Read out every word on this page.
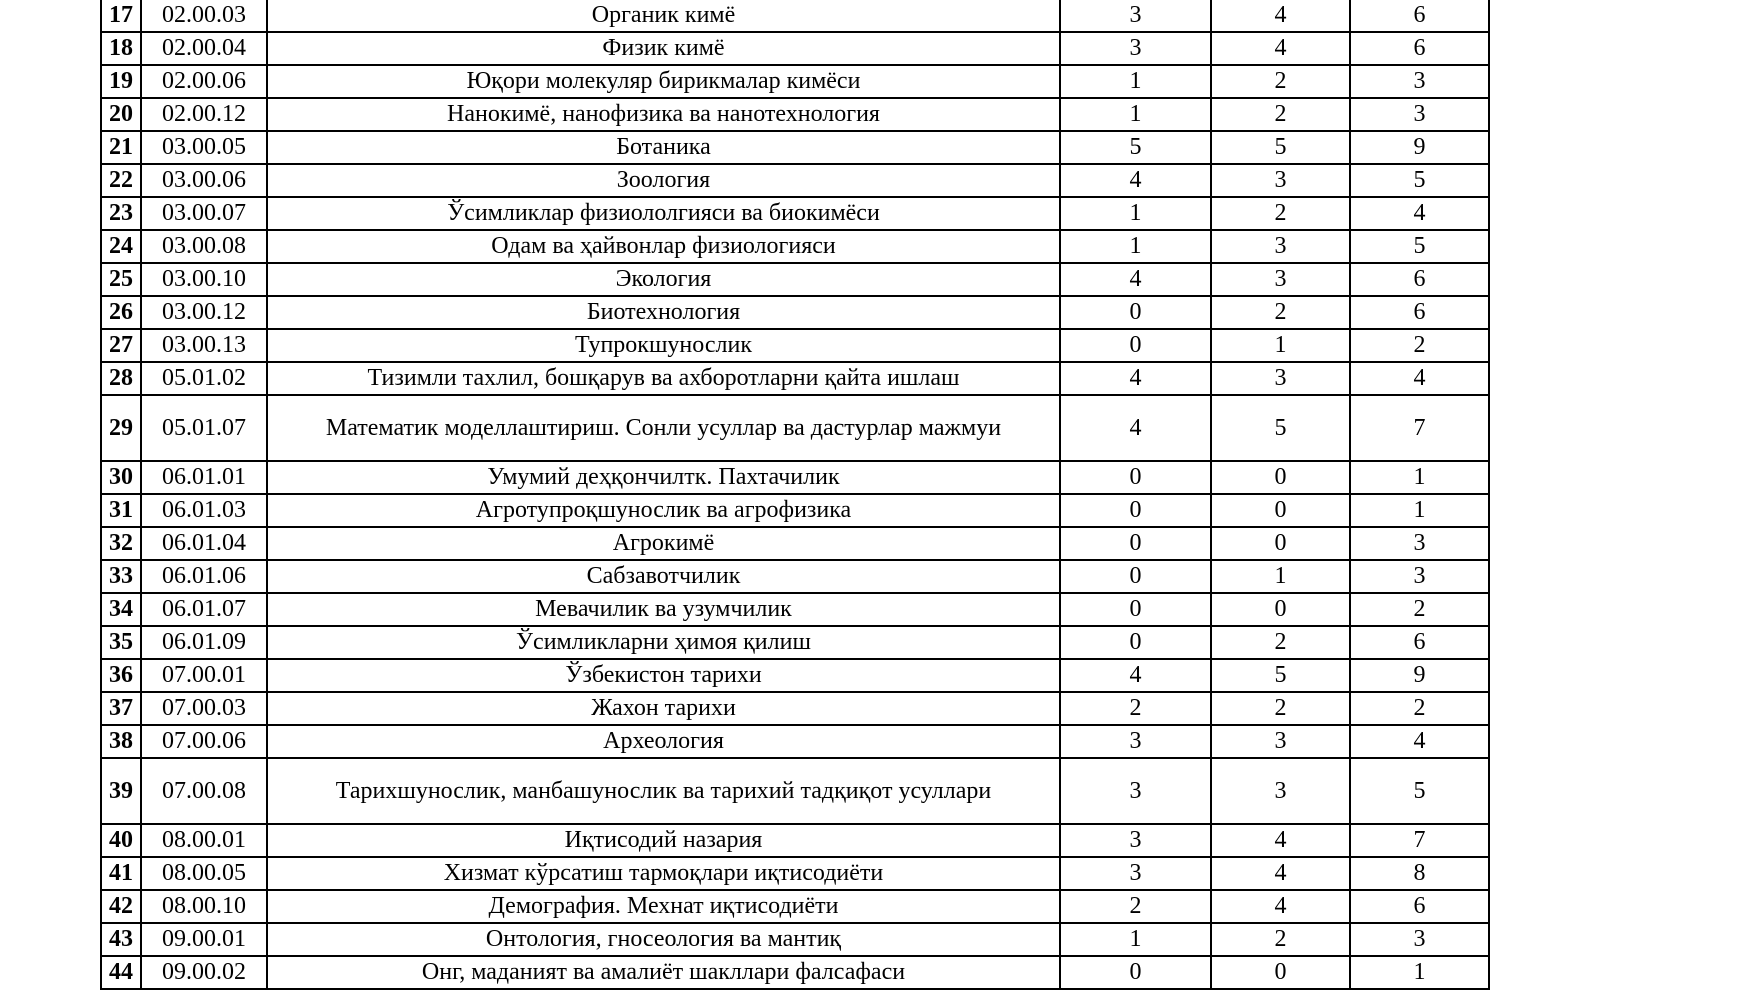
17	02.00.03	Органик кимё	3	4	6
18	02.00.04	Физик кимё	3	4	6
19	02.00.06	Юқори молекуляр бирикмалар кимёси	1	2	3
20	02.00.12	Нанокимё, нанофизика ва нанотехнология	1	2	3
21	03.00.05	Ботаника	5	5	9
22	03.00.06	Зоология	4	3	5
23	03.00.07	Ўсимликлар физиололгияси ва биокимёси	1	2	4
24	03.00.08	Одам ва ҳайвонлар физиологияси	1	3	5
25	03.00.10	Экология	4	3	6
26	03.00.12	Биотехнология	0	2	6
27	03.00.13	Тупрокшунослик	0	1	2
28	05.01.02	Тизимли тахлил, бошқарув ва ахборотларни қайта ишлаш	4	3	4
29	05.01.07	Математик моделлаштириш. Сонли усуллар ва дастурлар мажмуи	4	5	7
30	06.01.01	Умумий деҳқончилтк. Пахтачилик	0	0	1
31	06.01.03	Агротупроқшунослик ва агрофизика	0	0	1
32	06.01.04	Агрокимё	0	0	3
33	06.01.06	Сабзавотчилик	0	1	3
34	06.01.07	Мевачилик ва узумчилик	0	0	2
35	06.01.09	Ўсимликларни ҳимоя қилиш	0	2	6
36	07.00.01	Ўзбекистон тарихи	4	5	9
37	07.00.03	Жахон тарихи	2	2	2
38	07.00.06	Археология	3	3	4
39	07.00.08	Тарихшунослик, манбашунослик ва тарихий тадқиқот усуллари	3	3	5
40	08.00.01	Иқтисодий назария	3	4	7
41	08.00.05	Хизмат кўрсатиш тармоқлари иқтисодиёти	3	4	8
42	08.00.10	Демография. Мехнат иқтисодиёти	2	4	6
43	09.00.01	Онтология, гносеология ва мантиқ	1	2	3
44	09.00.02	Онг, маданият ва амалиёт шакллари фалсафаси	0	0	1
